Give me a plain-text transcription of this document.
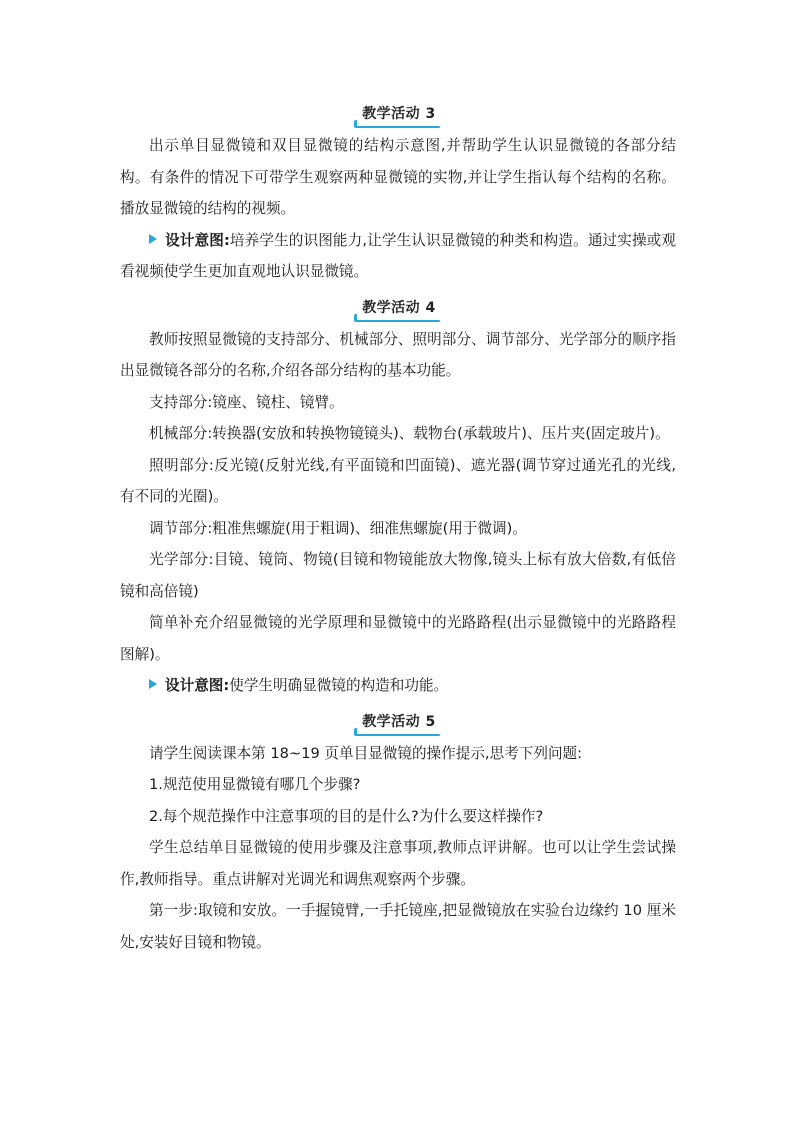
教学活动 3

出示单目显微镜和双目显微镜的结构示意图,并帮助学生认识显微镜的各部分结构。有条件的情况下可带学生观察两种显微镜的实物,并让学生指认每个结构的名称。播放显微镜的结构的视频。

设计意图:培养学生的识图能力,让学生认识显微镜的种类和构造。通过实操或观看视频使学生更加直观地认识显微镜。

教学活动 4

教师按照显微镜的支持部分、机械部分、照明部分、调节部分、光学部分的顺序指出显微镜各部分的名称,介绍各部分结构的基本功能。

支持部分:镜座、镜柱、镜臂。

机械部分:转换器(安放和转换物镜镜头)、载物台(承载玻片)、压片夹(固定玻片)。

照明部分:反光镜(反射光线,有平面镜和凹面镜)、遮光器(调节穿过通光孔的光线,有不同的光圈)。

调节部分:粗准焦螺旋(用于粗调)、细准焦螺旋(用于微调)。

光学部分:目镜、镜筒、物镜(目镜和物镜能放大物像,镜头上标有放大倍数,有低倍镜和高倍镜)

简单补充介绍显微镜的光学原理和显微镜中的光路路程(出示显微镜中的光路路程图解)。

设计意图:使学生明确显微镜的构造和功能。

教学活动 5

请学生阅读课本第 18~19 页单目显微镜的操作提示,思考下列问题:

1.规范使用显微镜有哪几个步骤?

2.每个规范操作中注意事项的目的是什么?为什么要这样操作?

学生总结单目显微镜的使用步骤及注意事项,教师点评讲解。也可以让学生尝试操作,教师指导。重点讲解对光调光和调焦观察两个步骤。

第一步:取镜和安放。一手握镜臂,一手托镜座,把显微镜放在实验台边缘约 10 厘米处,安装好目镜和物镜。
